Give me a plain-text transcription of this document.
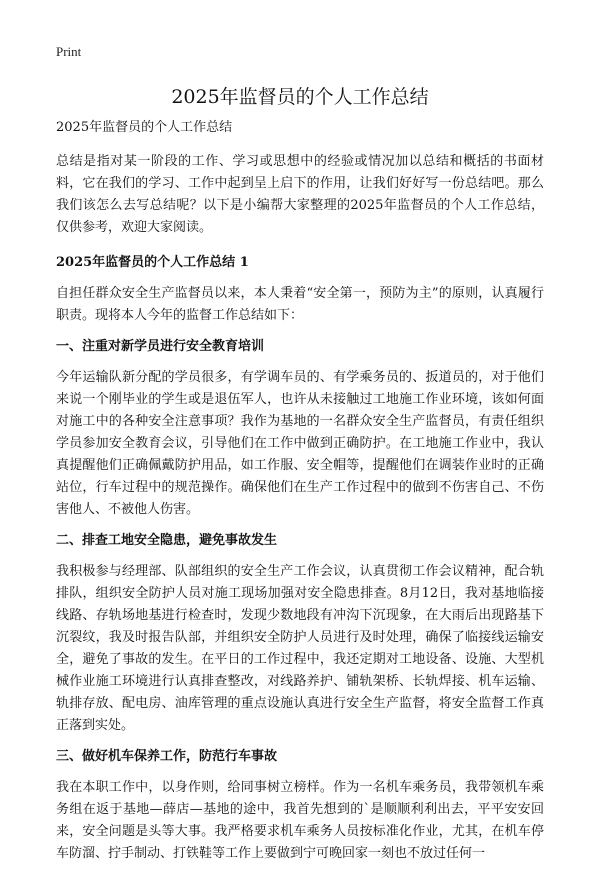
Print
2025年监督员的个人工作总结

2025年监督员的个人工作总结

总结是指对某一阶段的工作、学习或思想中的经验或情况加以总结和概括的书面材料，它在我们的学习、工作中起到呈上启下的作用，让我们好好写一份总结吧。那么我们该怎么去写总结呢？以下是小编帮大家整理的2025年监督员的个人工作总结，仅供参考，欢迎大家阅读。

2025年监督员的个人工作总结 1

自担任群众安全生产监督员以来，本人秉着“安全第一，预防为主”的原则，认真履行职责。现将本人今年的监督工作总结如下：

一、注重对新学员进行安全教育培训

今年运输队新分配的学员很多，有学调车员的、有学乘务员的、扳道员的，对于他们来说一个刚毕业的学生或是退伍军人，也许从未接触过工地施工作业环境，该如何面对施工中的各种安全注意事项？我作为基地的一名群众安全生产监督员，有责任组织学员参加安全教育会议，引导他们在工作中做到正确防护。在工地施工作业中，我认真提醒他们正确佩戴防护用品，如工作服、安全帽等，提醒他们在调装作业时的正确站位，行车过程中的规范操作。确保他们在生产工作过程中的做到不伤害自己、不伤害他人、不被他人伤害。

二、排查工地安全隐患，避免事故发生

我积极参与经理部、队部组织的安全生产工作会议，认真贯彻工作会议精神，配合轨排队，组织安全防护人员对施工现场加强对安全隐患排查。8月12日，我对基地临接线路、存轨场地基进行检查时，发现少数地段有冲沟下沉现象，在大雨后出现路基下沉裂纹，我及时报告队部，并组织安全防护人员进行及时处理，确保了临接线运输安全，避免了事故的发生。在平日的工作过程中，我还定期对工地设备、设施、大型机械作业施工环境进行认真排查整改，对线路养护、铺轨架桥、长轨焊接、机车运输、轨排存放、配电房、油库管理的重点设施认真进行安全生产监督，将安全监督工作真正落到实处。

三、做好机车保养工作，防范行车事故

我在本职工作中，以身作则，给同事树立榜样。作为一名机车乘务员，我带领机车乘务组在返于基地—薛店—基地的途中，我首先想到的`是顺顺利利出去，平平安安回来，安全问题是头等大事。我严格要求机车乘务人员按标准化作业，尤其，在机车停车防溜、拧手制动、打铁鞋等工作上要做到宁可晚回家一刻也不放过任何一
